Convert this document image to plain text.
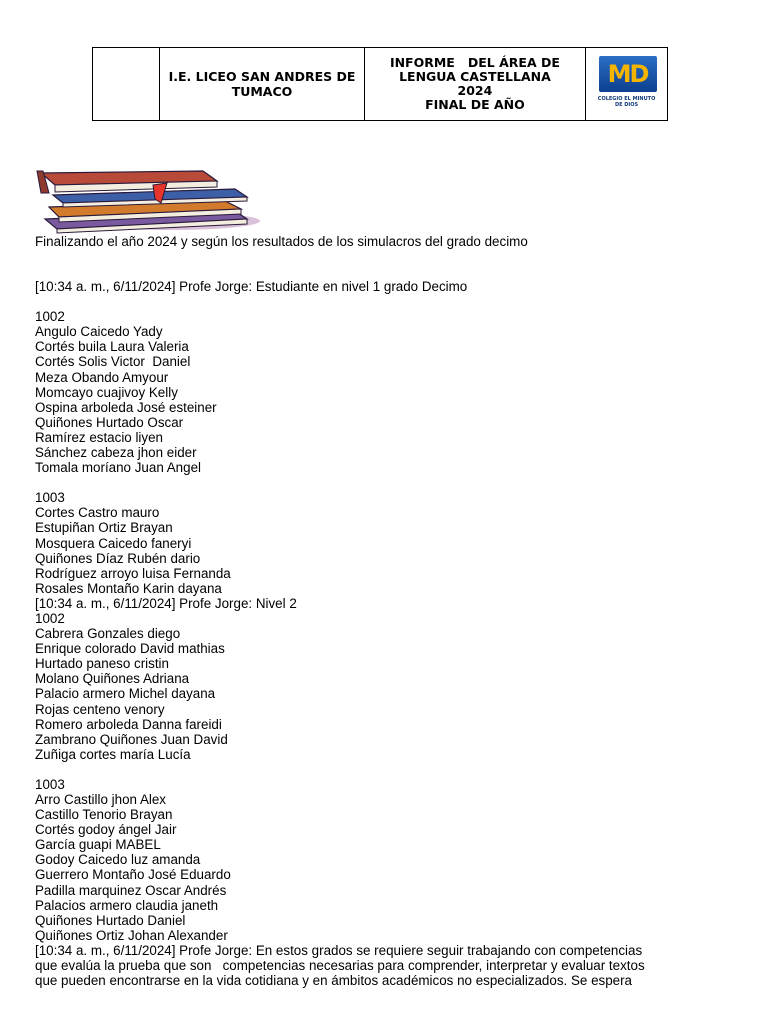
	I.E. LICEO SAN ANDRES DE TUMACO	
INFORME   DEL ÁREA DE
LENGUA CASTELLANA
2024
FINAL DE AÑO

MD
COLEGIO EL MINUTO DE DIOS

Finalizando el año 2024 y según los resultados de los simulacros del grado decimo

[10:34 a. m., 6/11/2024] Profe Jorge: Estudiante en nivel 1 grado Decimo

1002

Angulo Caicedo Yady

Cortés buila Laura Valeria

Cortés Solis Victor  Daniel

Meza Obando Amyour

Momcayo cuajivoy Kelly

Ospina arboleda José esteiner

Quiñones Hurtado Oscar

Ramírez estacio liyen

Sánchez cabeza jhon eider

Tomala moríano Juan Angel

1003

Cortes Castro mauro

Estupiñan Ortiz Brayan

Mosquera Caicedo faneryi

Quiñones Díaz Rubén dario

Rodríguez arroyo luisa Fernanda

Rosales Montaño Karin dayana

[10:34 a. m., 6/11/2024] Profe Jorge: Nivel 2

1002

Cabrera Gonzales diego

Enrique colorado David mathias

Hurtado paneso cristin

Molano Quiñones Adriana

Palacio armero Michel dayana

Rojas centeno venory

Romero arboleda Danna fareidi

Zambrano Quiñones Juan David

Zuñiga cortes maría Lucía

1003

Arro Castillo jhon Alex

Castillo Tenorio Brayan

Cortés godoy ángel Jair

García guapi MABEL

Godoy Caicedo luz amanda

Guerrero Montaño José Eduardo

Padilla marquinez Oscar Andrés

Palacios armero claudia janeth

Quiñones Hurtado Daniel

Quiñones Ortiz Johan Alexander

[10:34 a. m., 6/11/2024] Profe Jorge: En estos grados se requiere seguir trabajando con competencias

que evalúa la prueba que son   competencias necesarias para comprender, interpretar y evaluar textos

que pueden encontrarse en la vida cotidiana y en ámbitos académicos no especializados. Se espera
